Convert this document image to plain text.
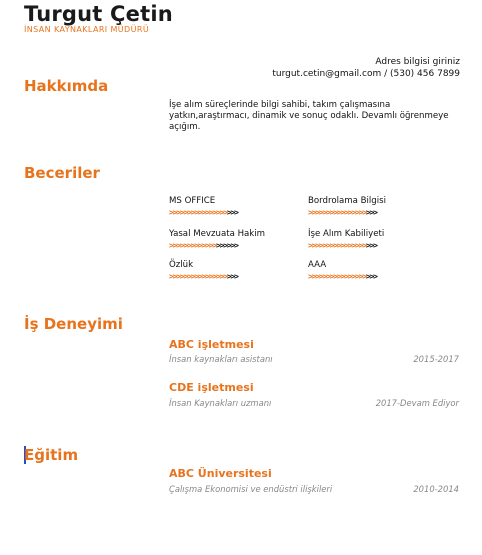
Turgut Çetin
İNSAN KAYNAKLARI MÜDÜRÜ
Adres bilgisi giriniz
turgut.cetin@gmail.com / (530) 456 7899
Hakkımda
İşe alım süreçlerinde bilgi sahibi, takım çalışmasına yatkın,araştırmacı, dinamik ve sonuç odaklı. Devamlı öğrenmeye açığım.
Beceriler
MS OFFICE
>>>>>>>>>>>>>>>>>>>
Bordrolama Bilgisi
>>>>>>>>>>>>>>>>>>>
Yasal Mevzuata Hakim
>>>>>>>>>>>>>>>>>>>
İşe Alım Kabiliyeti
>>>>>>>>>>>>>>>>>>>
Özlük
>>>>>>>>>>>>>>>>>>>
AAA
>>>>>>>>>>>>>>>>>>>
İş Deneyimi
ABC işletmesi
İnsan kaynakları asistanı	2015-2017
CDE işletmesi
İnsan Kaynakları uzmanı	2017-Devam Ediyor
Eğitim
ABC Üniversitesi
Çalışma Ekonomisi ve endüstri ilişkileri	2010-2014
